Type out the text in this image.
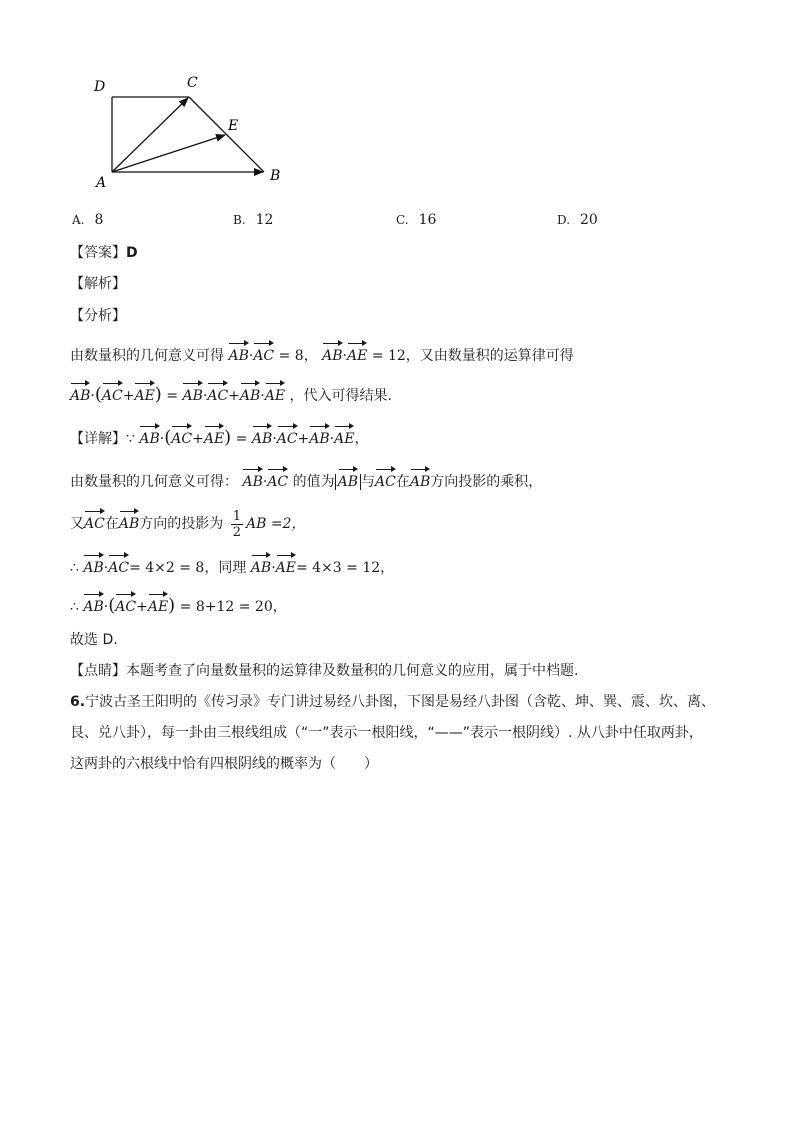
D	C
E
A	B
A. 8	B. 12	C. 16	D. 20
【答案】D
【解析】
【分析】
由数量积的几何意义可得 AB·AC = 8， AB·AE = 12，又由数量积的运算律可得
AB·(AC+AE) = AB·AC+AB·AE ，代入可得结果.
【详解】∵ AB·(AC+AE) = AB·AC+AB·AE，
由数量积的几何意义可得： AB·AC 的值为 AB 与AC在AB方向投影的乘积，
又AC在AB方向的投影为 $\frac{1}{2}$ AB =2，
∴ AB·AC= 4×2 = 8，同理 AB·AE= 4×3 = 12，
∴ AB·(AC+AE) = 8+12 = 20，
故选 D.
【点睛】本题考查了向量数量积的运算律及数量积的几何意义的应用，属于中档题.
6.宁波古圣王阳明的《传习录》专门讲过易经八卦图，下图是易经八卦图（含乾、坤、巽、震、坎、离、
艮、兑八卦），每一卦由三根线组成（“一”表示一根阳线，“——”表示一根阴线）. 从八卦中任取两卦，
这两卦的六根线中恰有四根阴线的概率为（　　）
